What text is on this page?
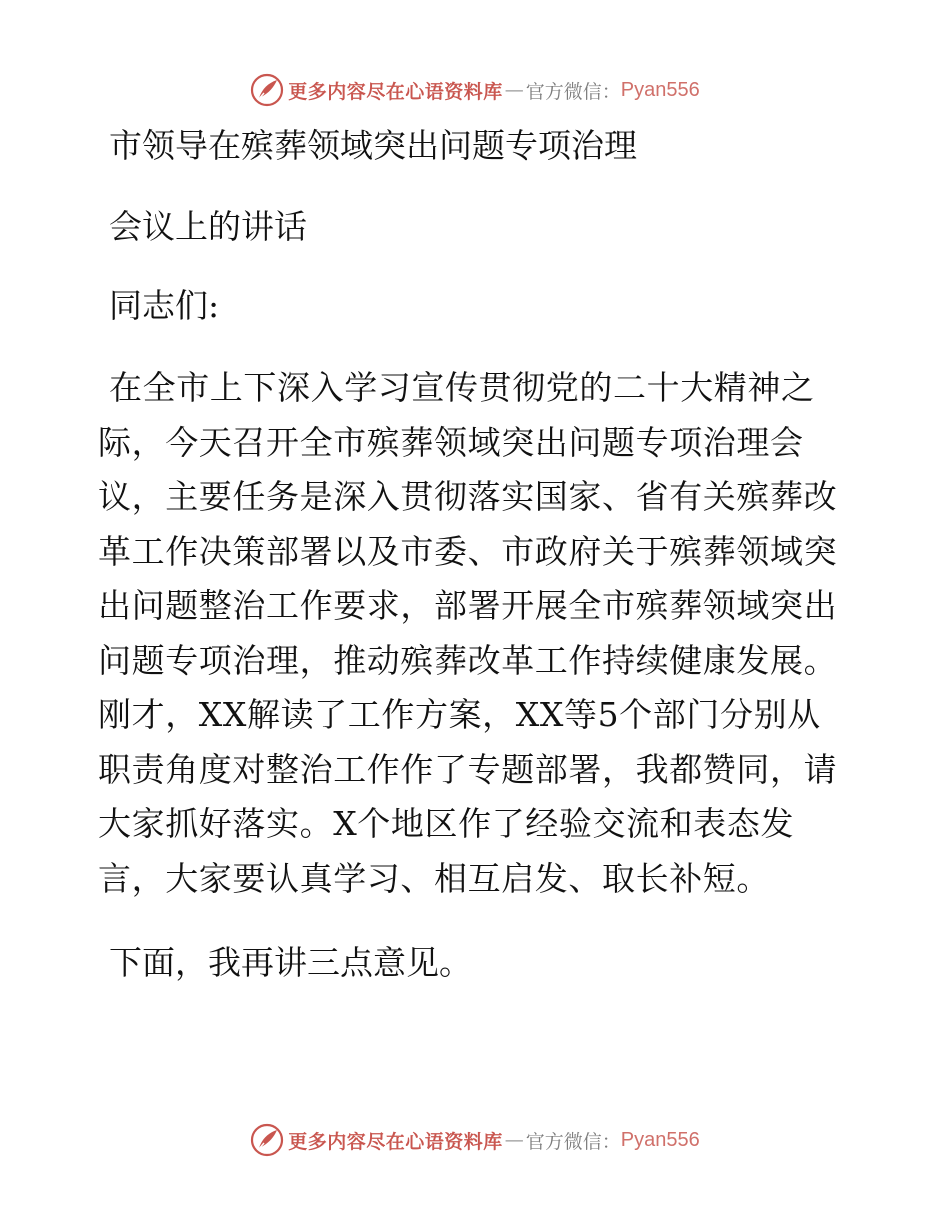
更多内容尽在心语资料库 — 官方微信： Pyan556
市领导在殡葬领域突出问题专项治理
会议上的讲话
同志们:

在全市上下深入学习宣传贯彻党的二十大精神之际，今天召开全市殡葬领域突出问题专项治理会议，主要任务是深入贯彻落实国家、省有关殡葬改革工作决策部署以及市委、市政府关于殡葬领域突出问题整治工作要求，部署开展全市殡葬领域突出问题专项治理，推动殡葬改革工作持续健康发展。刚才，XX解读了工作方案，XX等5个部门分别从职责角度对整治工作作了专题部署，我都赞同，请大家抓好落实。X个地区作了经验交流和表态发言，大家要认真学习、相互启发、取长补短。

下面，我再讲三点意见。
更多内容尽在心语资料库 — 官方微信： Pyan556
